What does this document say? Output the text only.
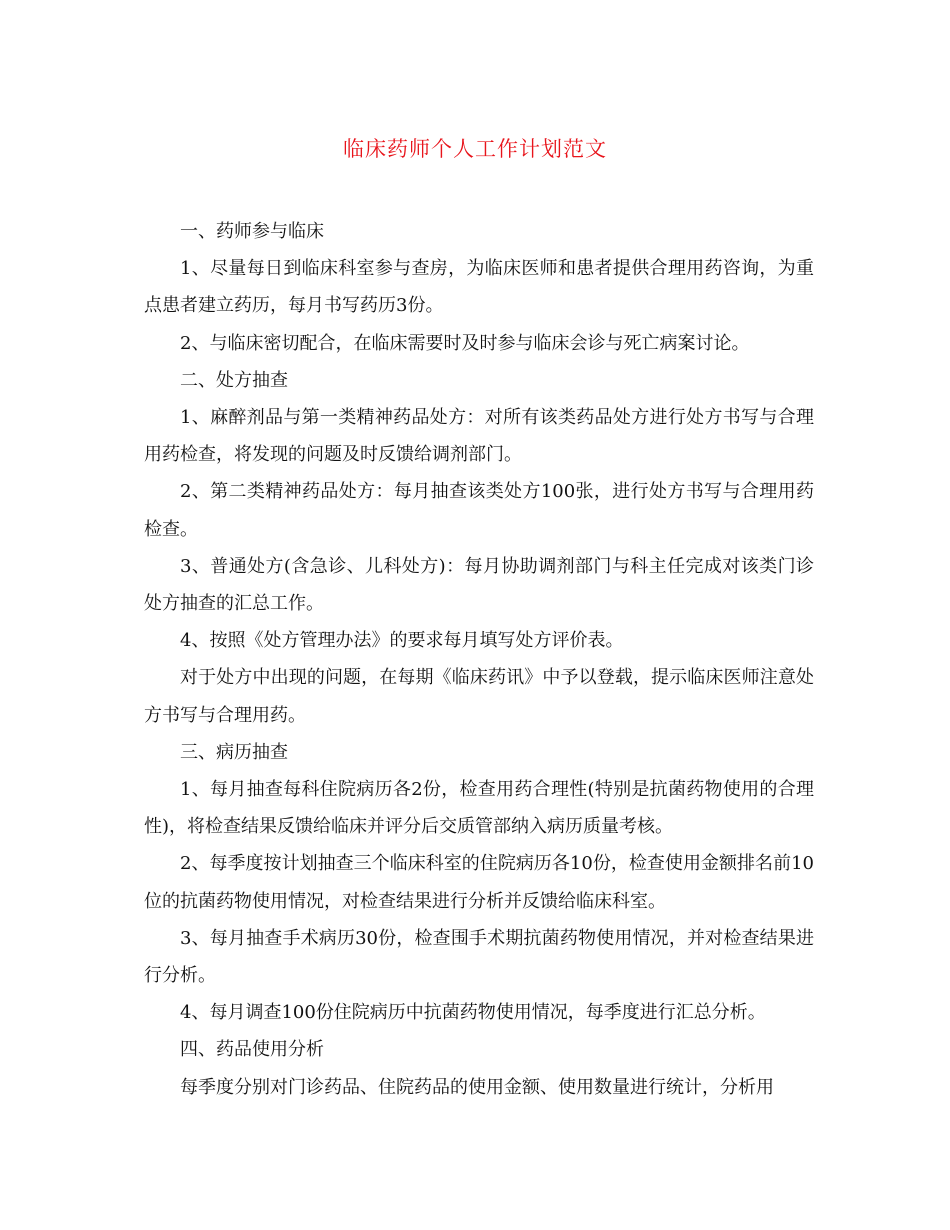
临床药师个人工作计划范文

一、药师参与临床

1、尽量每日到临床科室参与查房，为临床医师和患者提供合理用药咨询，为重点患者建立药历，每月书写药历3份。

2、与临床密切配合，在临床需要时及时参与临床会诊与死亡病案讨论。

二、处方抽查

1、麻醉剂品与第一类精神药品处方：对所有该类药品处方进行处方书写与合理用药检查，将发现的问题及时反馈给调剂部门。

2、第二类精神药品处方：每月抽查该类处方100张，进行处方书写与合理用药检查。

3、普通处方(含急诊、儿科处方)：每月协助调剂部门与科主任完成对该类门诊处方抽查的汇总工作。

4、按照《处方管理办法》的要求每月填写处方评价表。

对于处方中出现的问题，在每期《临床药讯》中予以登载，提示临床医师注意处方书写与合理用药。

三、病历抽查

1、每月抽查每科住院病历各2份，检查用药合理性(特别是抗菌药物使用的合理性)，将检查结果反馈给临床并评分后交质管部纳入病历质量考核。

2、每季度按计划抽查三个临床科室的住院病历各10份，检查使用金额排名前10位的抗菌药物使用情况，对检查结果进行分析并反馈给临床科室。

3、每月抽查手术病历30份，检查围手术期抗菌药物使用情况，并对检查结果进行分析。

4、每月调查100份住院病历中抗菌药物使用情况，每季度进行汇总分析。

四、药品使用分析

每季度分别对门诊药品、住院药品的使用金额、使用数量进行统计，分析用
